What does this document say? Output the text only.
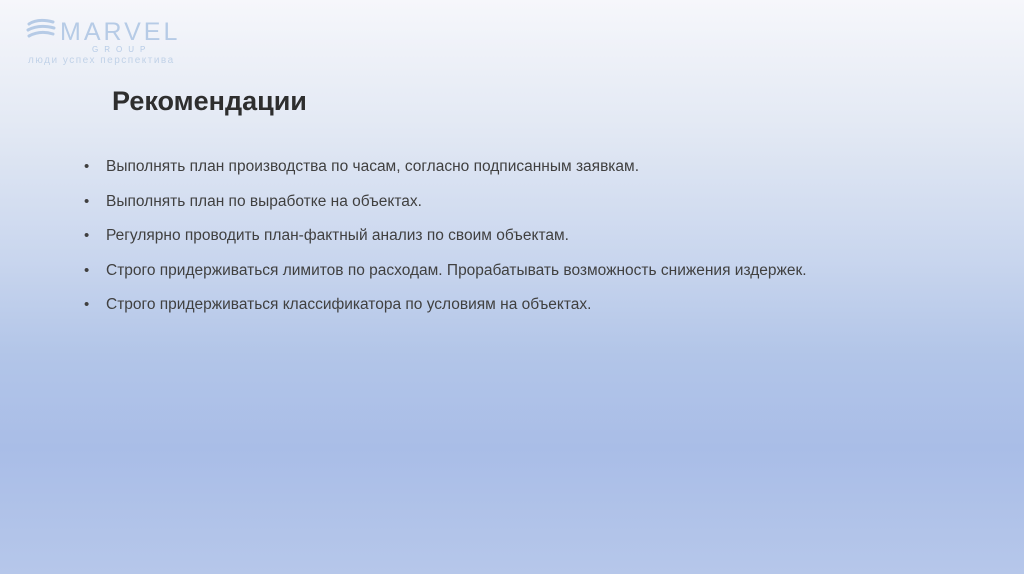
MARVEL
GROUP
люди успех перспектива
Рекомендации
• Выполнять план производства по часам, согласно подписанным заявкам.
• Выполнять план по выработке на объектах.
• Регулярно проводить план-фактный анализ по своим объектам.
• Строго придерживаться лимитов по расходам. Прорабатывать возможность снижения издержек.
• Строго придерживаться классификатора по условиям на объектах.
